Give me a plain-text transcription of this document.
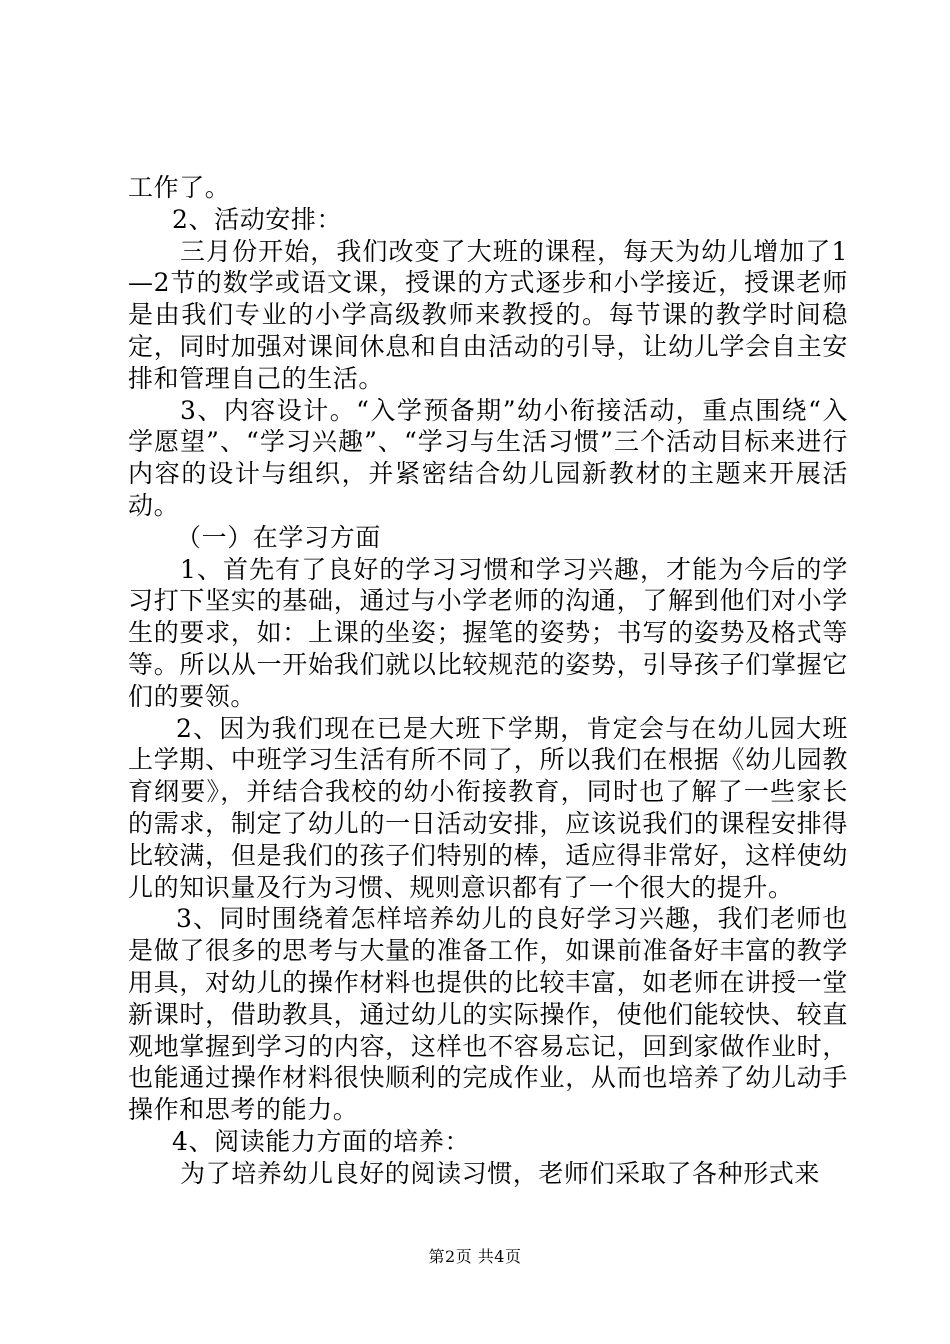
工作了。

2、活动安排：

三月份开始，我们改变了大班的课程，每天为幼儿增加了1—2节的数学或语文课，授课的方式逐步和小学接近，授课老师是由我们专业的小学高级教师来教授的。每节课的教学时间稳定，同时加强对课间休息和自由活动的引导，让幼儿学会自主安排和管理自己的生活。

3、内容设计。“入学预备期”幼小衔接活动，重点围绕“入学愿望”、“学习兴趣”、“学习与生活习惯”三个活动目标来进行内容的设计与组织，并紧密结合幼儿园新教材的主题来开展活动。

（一）在学习方面

1、首先有了良好的学习习惯和学习兴趣，才能为今后的学习打下坚实的基础，通过与小学老师的沟通，了解到他们对小学生的要求，如：上课的坐姿；握笔的姿势；书写的姿势及格式等等。所以从一开始我们就以比较规范的姿势，引导孩子们掌握它们的要领。

2、因为我们现在已是大班下学期，肯定会与在幼儿园大班上学期、中班学习生活有所不同了，所以我们在根据《幼儿园教育纲要》，并结合我校的幼小衔接教育，同时也了解了一些家长的需求，制定了幼儿的一日活动安排，应该说我们的课程安排得比较满，但是我们的孩子们特别的棒，适应得非常好，这样使幼儿的知识量及行为习惯、规则意识都有了一个很大的提升。

3、同时围绕着怎样培养幼儿的良好学习兴趣，我们老师也是做了很多的思考与大量的准备工作，如课前准备好丰富的教学用具，对幼儿的操作材料也提供的比较丰富，如老师在讲授一堂新课时，借助教具，通过幼儿的实际操作，使他们能较快、较直观地掌握到学习的内容，这样也不容易忘记，回到家做作业时，也能通过操作材料很快顺利的完成作业，从而也培养了幼儿动手操作和思考的能力。

4、阅读能力方面的培养：

为了培养幼儿良好的阅读习惯，老师们采取了各种形式来

第2页 共4页
